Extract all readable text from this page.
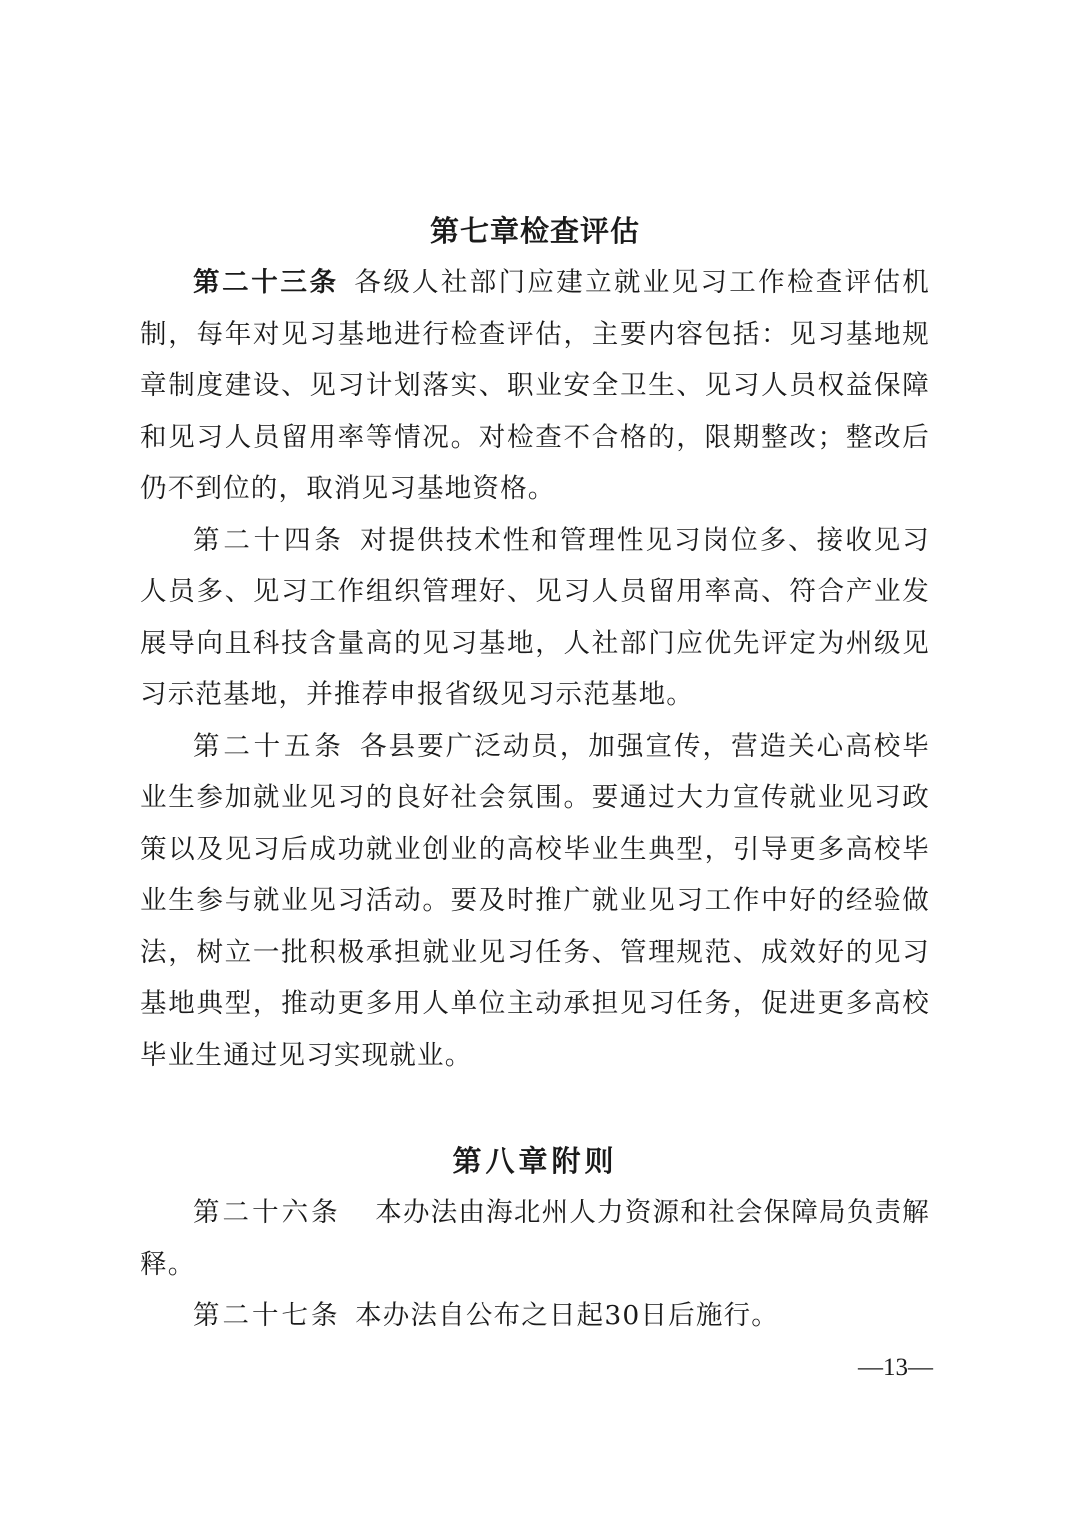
第七章检查评估

第二十三条 各级人社部门应建立就业见习工作检查评估机制，每年对见习基地进行检查评估，主要内容包括：见习基地规章制度建设、见习计划落实、职业安全卫生、见习人员权益保障和见习人员留用率等情况。对检查不合格的，限期整改；整改后仍不到位的，取消见习基地资格。

第二十四条 对提供技术性和管理性见习岗位多、接收见习人员多、见习工作组织管理好、见习人员留用率高、符合产业发展导向且科技含量高的见习基地，人社部门应优先评定为州级见习示范基地，并推荐申报省级见习示范基地。

第二十五条 各县要广泛动员，加强宣传，营造关心高校毕业生参加就业见习的良好社会氛围。要通过大力宣传就业见习政策以及见习后成功就业创业的高校毕业生典型，引导更多高校毕业生参与就业见习活动。要及时推广就业见习工作中好的经验做法，树立一批积极承担就业见习任务、管理规范、成效好的见习基地典型，推动更多用人单位主动承担见习任务，促进更多高校毕业生通过见习实现就业。

第八章附则

第二十六条 本办法由海北州人力资源和社会保障局负责解释。

第二十七条 本办法自公布之日起30日后施行。

—13—
